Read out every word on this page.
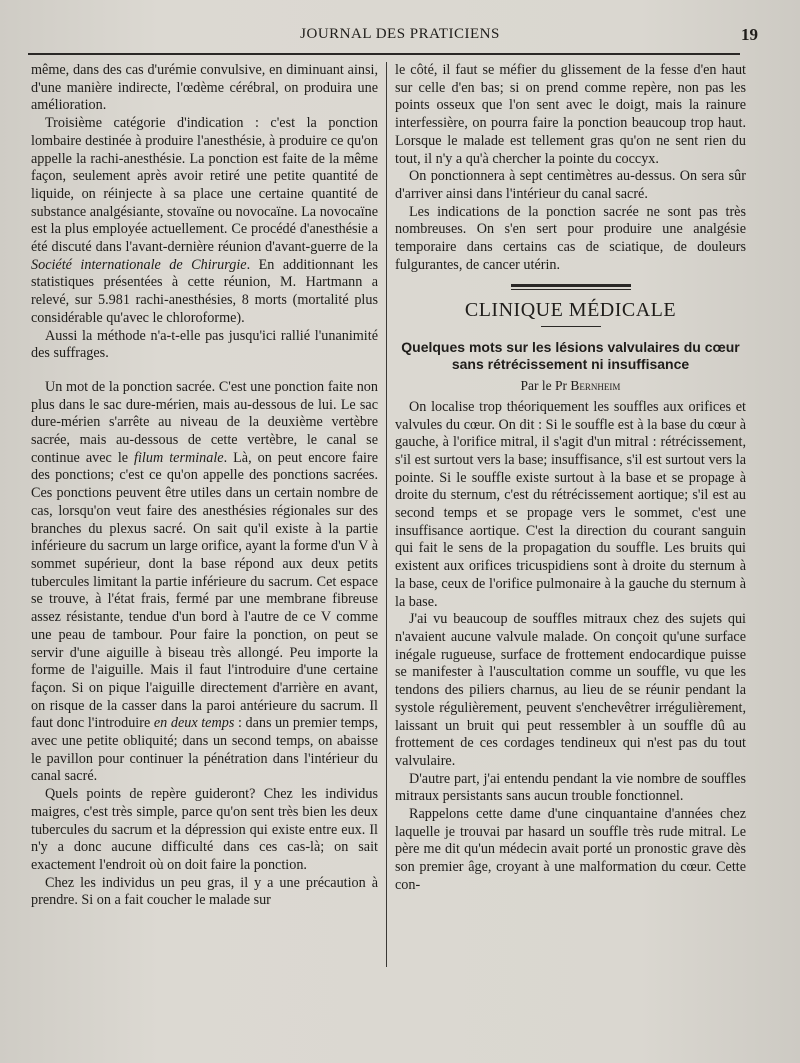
JOURNAL DES PRATICIENS	19

même, dans des cas d'urémie convulsive, en diminuant ainsi, d'une manière indirecte, l'œdème cérébral, on produira une amélioration.

Troisième catégorie d'indication : c'est la ponction lombaire destinée à produire l'anesthésie, à produire ce qu'on appelle la rachi-anesthésie. La ponction est faite de la même façon, seulement après avoir retiré une petite quantité de liquide, on réinjecte à sa place une certaine quantité de substance analgésiante, stovaïne ou novocaïne. La novocaïne est la plus employée actuellement. Ce procédé d'anesthésie a été discuté dans l'avant-dernière réunion d'avant-guerre de la Société internationale de Chirurgie. En additionnant les statistiques présentées à cette réunion, M. Hartmann a relevé, sur 5.981 rachi-anesthésies, 8 morts (mortalité plus considérable qu'avec le chloroforme).

Aussi la méthode n'a-t-elle pas jusqu'ici rallié l'unanimité des suffrages.

Un mot de la ponction sacrée. C'est une ponction faite non plus dans le sac dure-mérien, mais au-dessous de lui. Le sac dure-mérien s'arrête au niveau de la deuxième vertèbre sacrée, mais au-dessous de cette vertèbre, le canal se continue avec le filum terminale. Là, on peut encore faire des ponctions; c'est ce qu'on appelle des ponctions sacrées. Ces ponctions peuvent être utiles dans un certain nombre de cas, lorsqu'on veut faire des anesthésies régionales sur des branches du plexus sacré. On sait qu'il existe à la partie inférieure du sacrum un large orifice, ayant la forme d'un V à sommet supérieur, dont la base répond aux deux petits tubercules limitant la partie inférieure du sacrum. Cet espace se trouve, à l'état frais, fermé par une membrane fibreuse assez résistante, tendue d'un bord à l'autre de ce V comme une peau de tambour. Pour faire la ponction, on peut se servir d'une aiguille à biseau très allongé. Peu importe la forme de l'aiguille. Mais il faut l'introduire d'une certaine façon. Si on pique l'aiguille directement d'arrière en avant, on risque de la casser dans la paroi antérieure du sacrum. Il faut donc l'introduire en deux temps : dans un premier temps, avec une petite obliquité; dans un second temps, on abaisse le pavillon pour continuer la pénétration dans l'intérieur du canal sacré.

Quels points de repère guideront? Chez les individus maigres, c'est très simple, parce qu'on sent très bien les deux tubercules du sacrum et la dépression qui existe entre eux. Il n'y a donc aucune difficulté dans ces cas-là; on sait exactement l'endroit où on doit faire la ponction.

Chez les individus un peu gras, il y a une précaution à prendre. Si on a fait coucher le malade sur

le côté, il faut se méfier du glissement de la fesse d'en haut sur celle d'en bas; si on prend comme repère, non pas les points osseux que l'on sent avec le doigt, mais la rainure interfessière, on pourra faire la ponction beaucoup trop haut. Lorsque le malade est tellement gras qu'on ne sent rien du tout, il n'y a qu'à chercher la pointe du coccyx.

On ponctionnera à sept centimètres au-dessus. On sera sûr d'arriver ainsi dans l'intérieur du canal sacré.

Les indications de la ponction sacrée ne sont pas très nombreuses. On s'en sert pour produire une analgésie temporaire dans certains cas de sciatique, de douleurs fulgurantes, de cancer utérin.

CLINIQUE MÉDICALE
Quelques mots sur les lésions valvulaires du cœur sans rétrécissement ni insuffisance
Par le Pr Bernheim

On localise trop théoriquement les souffles aux orifices et valvules du cœur. On dit : Si le souffle est à la base du cœur à gauche, à l'orifice mitral, il s'agit d'un mitral : rétrécissement, s'il est surtout vers la base; insuffisance, s'il est surtout vers la pointe. Si le souffle existe surtout à la base et se propage à droite du sternum, c'est du rétrécissement aortique; s'il est au second temps et se propage vers le sommet, c'est une insuffisance aortique. C'est la direction du courant sanguin qui fait le sens de la propagation du souffle. Les bruits qui existent aux orifices tricuspidiens sont à droite du sternum à la base, ceux de l'orifice pulmonaire à la gauche du sternum à la base.

J'ai vu beaucoup de souffles mitraux chez des sujets qui n'avaient aucune valvule malade. On conçoit qu'une surface inégale rugueuse, surface de frottement endocardique puisse se manifester à l'auscultation comme un souffle, vu que les tendons des piliers charnus, au lieu de se réunir pendant la systole régulièrement, peuvent s'enchevêtrer irrégulièrement, laissant un bruit qui peut ressembler à un souffle dû au frottement de ces cordages tendineux qui n'est pas du tout valvulaire.

D'autre part, j'ai entendu pendant la vie nombre de souffles mitraux persistants sans aucun trouble fonctionnel.

Rappelons cette dame d'une cinquantaine d'années chez laquelle je trouvai par hasard un souffle très rude mitral. Le père me dit qu'un médecin avait porté un pronostic grave dès son premier âge, croyant à une malformation du cœur. Cette con-
